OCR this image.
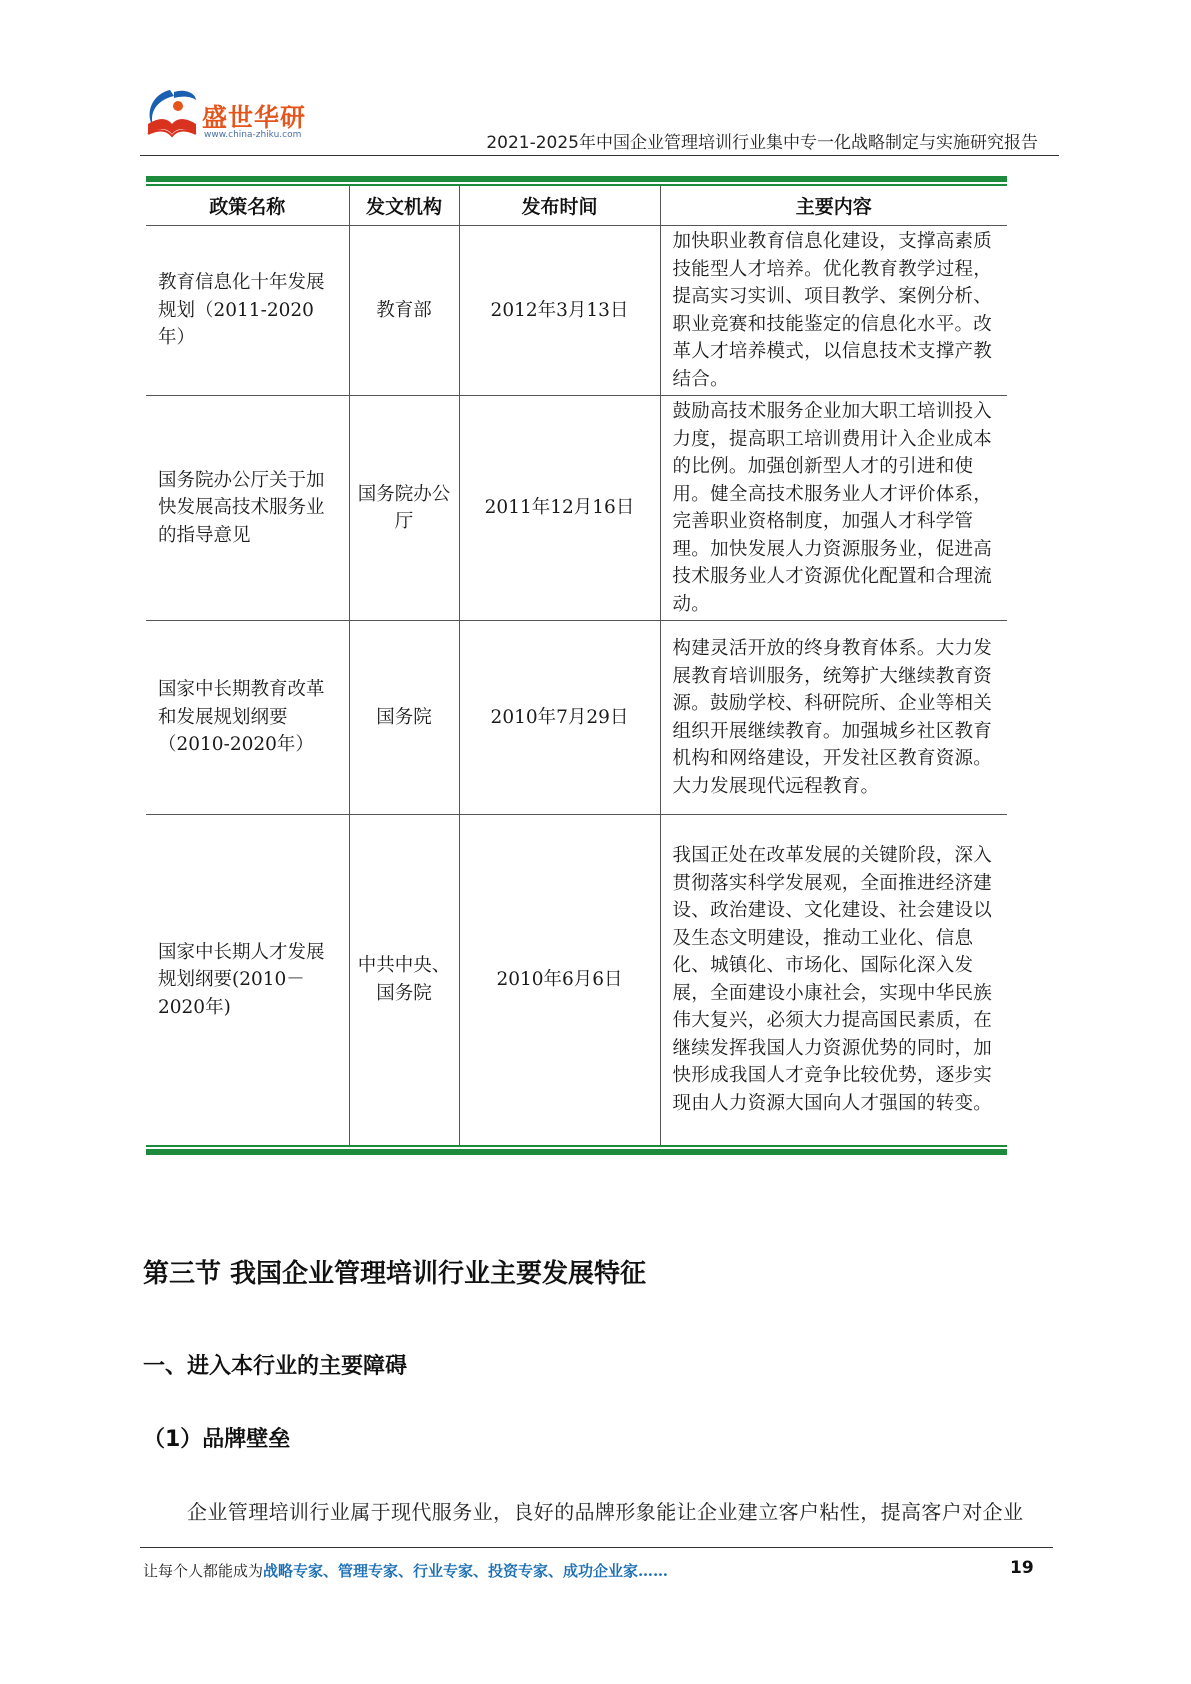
盛世华研
www.china-zhiku.com	2021-2025年中国企业管理培训行业集中专一化战略制定与实施研究报告
政策名称	发文机构	发布时间	主要内容
教育信息化十年发展规划（2011-2020年）	教育部	2012年3月13日	加快职业教育信息化建设，支撑高素质技能型人才培养。优化教育教学过程，提高实习实训、项目教学、案例分析、职业竞赛和技能鉴定的信息化水平。改革人才培养模式，以信息技术支撑产教结合。
国务院办公厅关于加快发展高技术服务业的指导意见	国务院办公厅	2011年12月16日	鼓励高技术服务企业加大职工培训投入力度，提高职工培训费用计入企业成本的比例。加强创新型人才的引进和使用。健全高技术服务业人才评价体系，完善职业资格制度，加强人才科学管理。加快发展人力资源服务业，促进高技术服务业人才资源优化配置和合理流动。
国家中长期教育改革和发展规划纲要（2010-2020年）	国务院	2010年7月29日	构建灵活开放的终身教育体系。大力发展教育培训服务，统筹扩大继续教育资源。鼓励学校、科研院所、企业等相关组织开展继续教育。加强城乡社区教育机构和网络建设，开发社区教育资源。大力发展现代远程教育。
国家中长期人才发展规划纲要(2010－2020年)	中共中央、国务院	2010年6月6日	我国正处在改革发展的关键阶段，深入贯彻落实科学发展观，全面推进经济建设、政治建设、文化建设、社会建设以及生态文明建设，推动工业化、信息化、城镇化、市场化、国际化深入发展，全面建设小康社会，实现中华民族伟大复兴，必须大力提高国民素质，在继续发挥我国人力资源优势的同时，加快形成我国人才竞争比较优势，逐步实现由人力资源大国向人才强国的转变。
第三节 我国企业管理培训行业主要发展特征
一、进入本行业的主要障碍
（1）品牌壁垒
企业管理培训行业属于现代服务业，良好的品牌形象能让企业建立客户粘性，提高客户对企业
让每个人都能成为战略专家、管理专家、行业专家、投资专家、成功企业家……	19
